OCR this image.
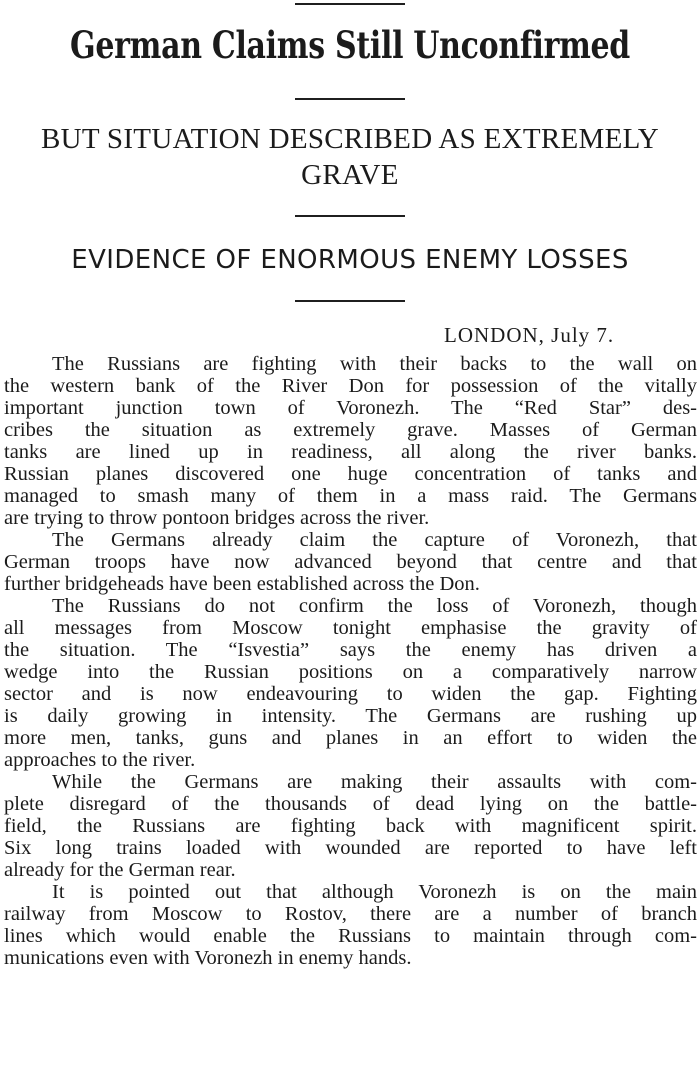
German Claims Still Unconfirmed
BUT SITUATION DESCRIBED AS EXTREMELY
GRAVE
EVIDENCE OF ENORMOUS ENEMY LOSSES
LONDON, July 7.

The Russians are fighting with their backs to the wall on
the western bank of the River Don for possession of the vitally
important junction town of Voronezh. The “Red Star” des-
cribes the situation as extremely grave. Masses of German
tanks are lined up in readiness, all along the river banks.
Russian planes discovered one huge concentration of tanks and
managed to smash many of them in a mass raid. The Germans
are trying to throw pontoon bridges across the river.

The Germans already claim the capture of Voronezh, that
German troops have now advanced beyond that centre and that
further bridgeheads have been established across the Don.

The Russians do not confirm the loss of Voronezh, though
all messages from Moscow tonight emphasise the gravity of
the situation. The “Isvestia” says the enemy has driven a
wedge into the Russian positions on a comparatively narrow
sector and is now endeavouring to widen the gap. Fighting
is daily growing in intensity. The Germans are rushing up
more men, tanks, guns and planes in an effort to widen the
approaches to the river.

While the Germans are making their assaults with com-
plete disregard of the thousands of dead lying on the battle-
field, the Russians are fighting back with magnificent spirit.
Six long trains loaded with wounded are reported to have left
already for the German rear.

It is pointed out that although Voronezh is on the main
railway from Moscow to Rostov, there are a number of branch
lines which would enable the Russians to maintain through com-
munications even with Voronezh in enemy hands.
